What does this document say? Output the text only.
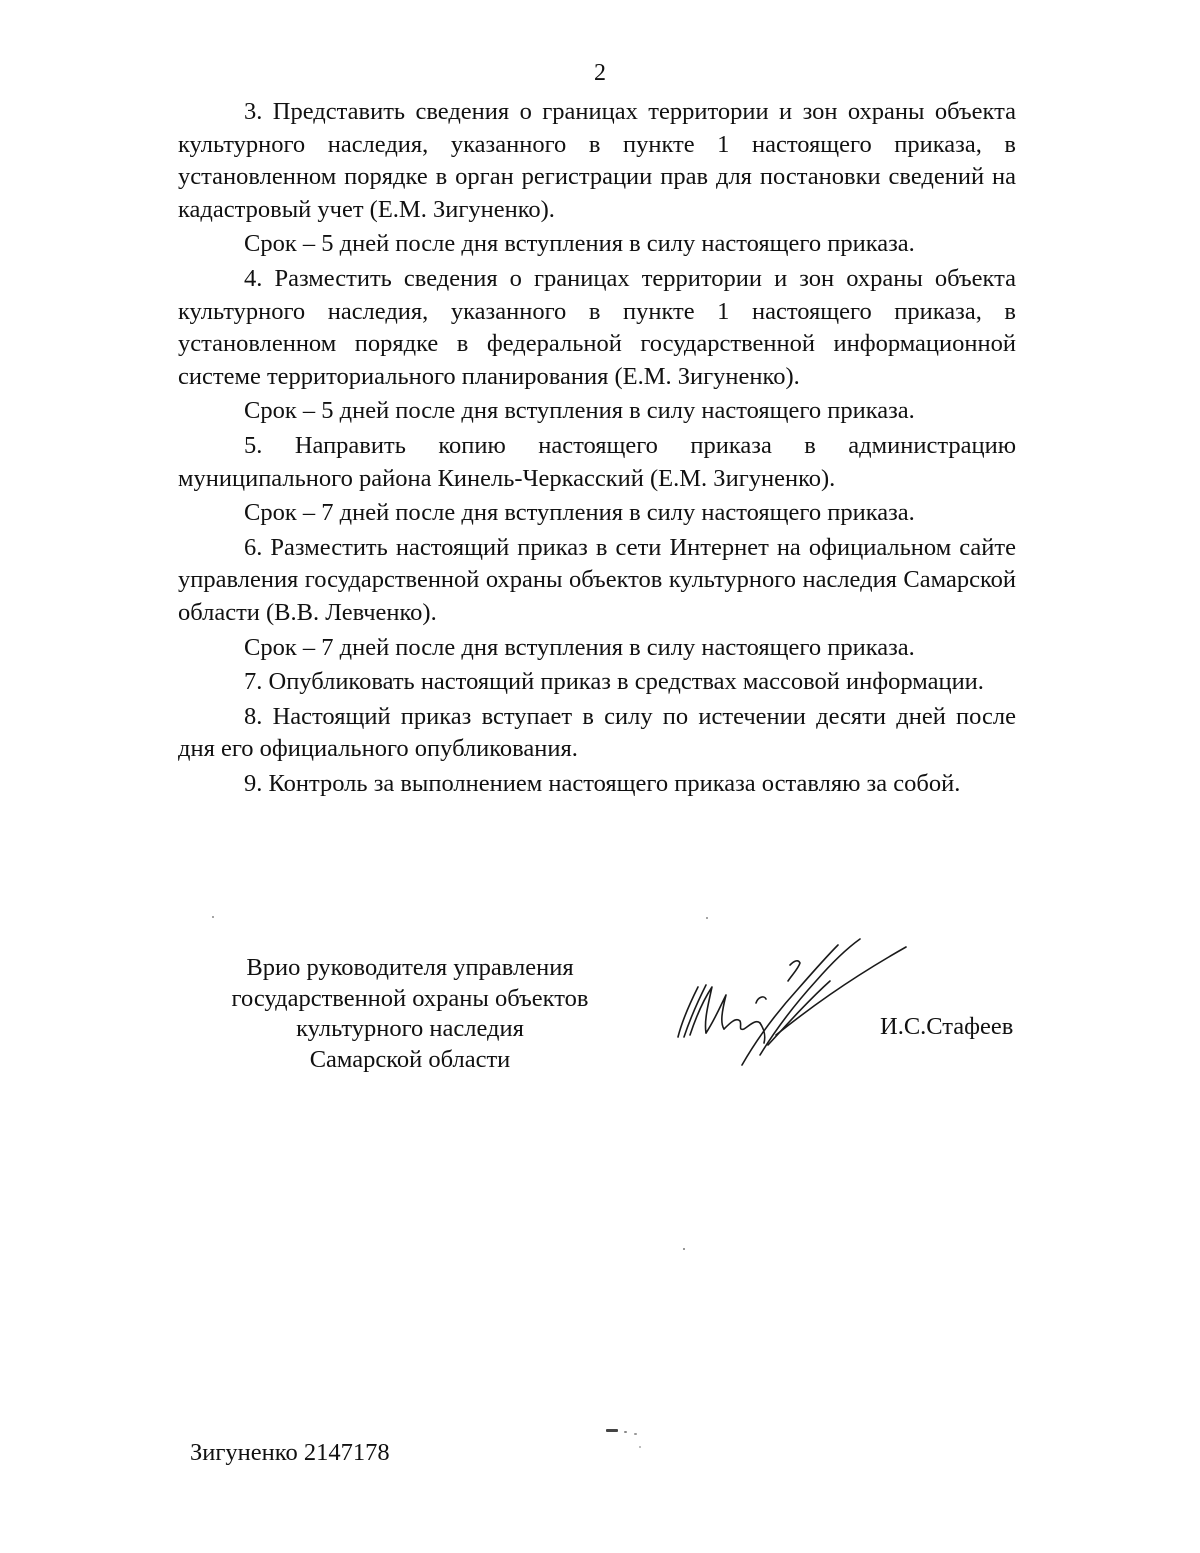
2

3. Представить сведения о границах территории и зон охраны объекта культурного наследия, указанного в пункте 1 настоящего приказа, в установленном порядке в орган регистрации прав для постановки сведений на кадастровый учет (Е.М. Зигуненко).

Срок – 5 дней после дня вступления в силу настоящего приказа.

4. Разместить сведения о границах территории и зон охраны объекта культурного наследия, указанного в пункте 1 настоящего приказа, в установленном порядке в федеральной государственной информационной системе территориального планирования (Е.М. Зигуненко).

Срок – 5 дней после дня вступления в силу настоящего приказа.

5. Направить копию настоящего приказа в администрацию муниципального района Кинель-Черкасский (Е.М. Зигуненко).

Срок – 7 дней после дня вступления в силу настоящего приказа.

6. Разместить настоящий приказ в сети Интернет на официальном сайте управления государственной охраны объектов культурного наследия Самарской области (В.В. Левченко).

Срок – 7 дней после дня вступления в силу настоящего приказа.

7. Опубликовать настоящий приказ в средствах массовой информации.

8. Настоящий приказ вступает в силу по истечении десяти дней после дня его официального опубликования.

9. Контроль за выполнением настоящего приказа оставляю за собой.

Врио руководителя управления
государственной охраны объектов
культурного наследия
Самарской области
И.С.Стафеев
Зигуненко 2147178
